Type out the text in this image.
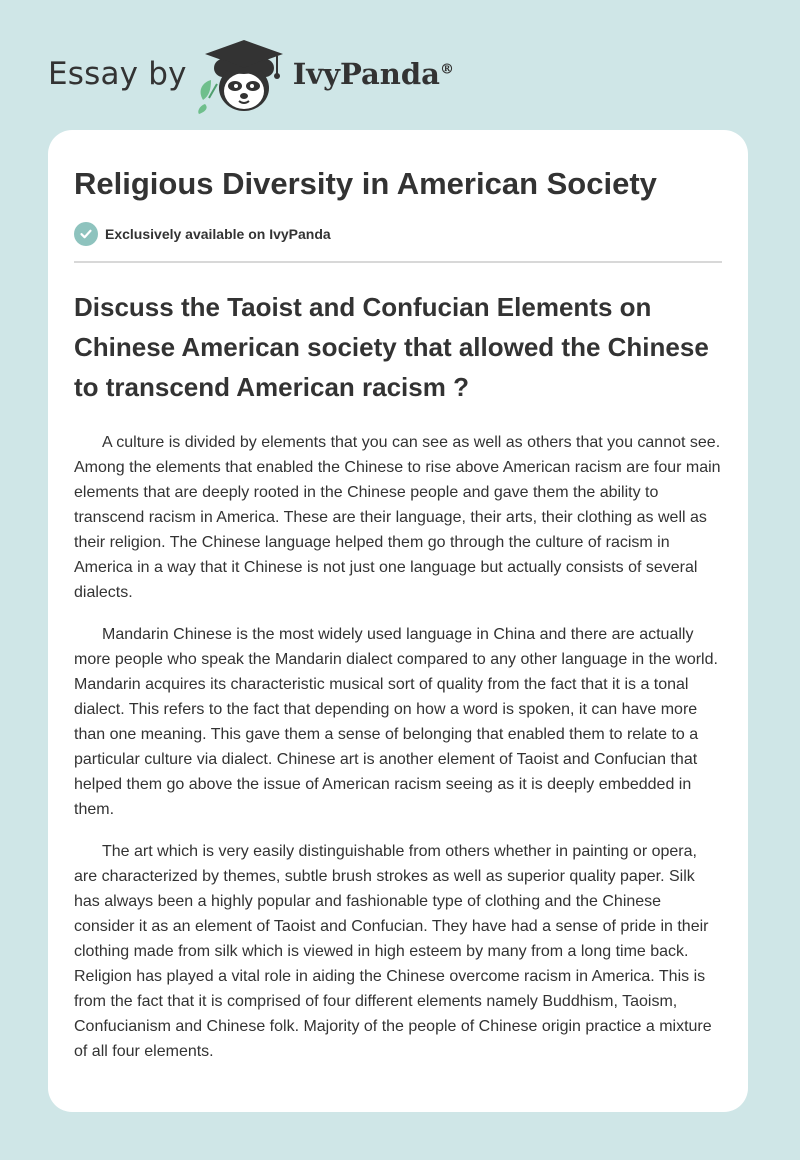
Essay by	IvyPanda®
Religious Diversity in American Society
Exclusively available on IvyPanda
Discuss the Taoist and Confucian Elements on Chinese American society that allowed the Chinese to transcend American racism ?

A culture is divided by elements that you can see as well as others that you cannot see. Among the elements that enabled the Chinese to rise above American racism are four main elements that are deeply rooted in the Chinese people and gave them the ability to transcend racism in America. These are their language, their arts, their clothing as well as their religion. The Chinese language helped them go through the culture of racism in America in a way that it Chinese is not just one language but actually consists of several dialects.

Mandarin Chinese is the most widely used language in China and there are actually more people who speak the Mandarin dialect compared to any other language in the world. Mandarin acquires its characteristic musical sort of quality from the fact that it is a tonal dialect. This refers to the fact that depending on how a word is spoken, it can have more than one meaning. This gave them a sense of belonging that enabled them to relate to a particular culture via dialect. Chinese art is another element of Taoist and Confucian that helped them go above the issue of American racism seeing as it is deeply embedded in them.

The art which is very easily distinguishable from others whether in painting or opera, are characterized by themes, subtle brush strokes as well as superior quality paper. Silk has always been a highly popular and fashionable type of clothing and the Chinese consider it as an element of Taoist and Confucian. They have had a sense of pride in their clothing made from silk which is viewed in high esteem by many from a long time back. Religion has played a vital role in aiding the Chinese overcome racism in America. This is from the fact that it is comprised of four different elements namely Buddhism, Taoism, Confucianism and Chinese folk. Majority of the people of Chinese origin practice a mixture of all four elements.
